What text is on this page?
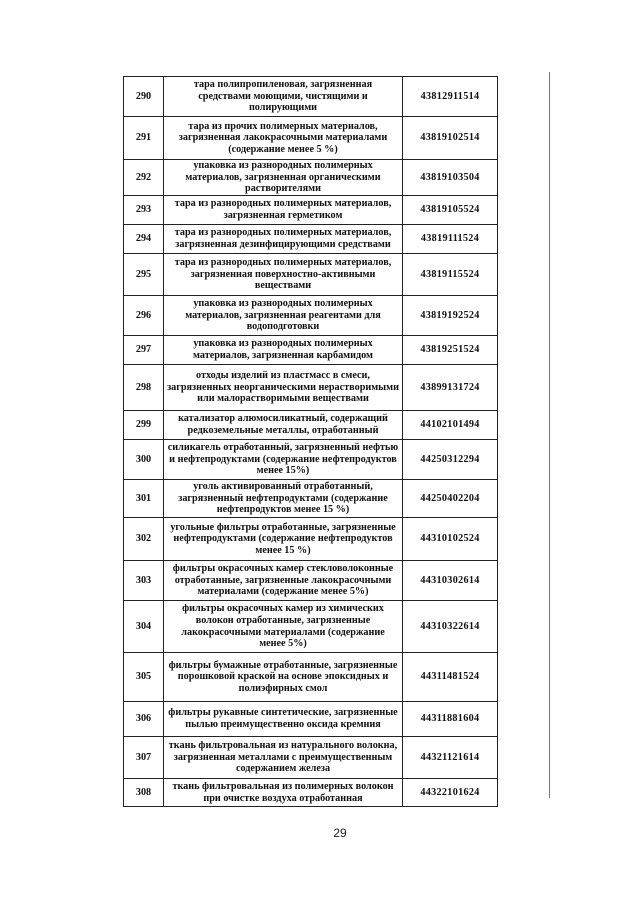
290	тара полипропиленовая, загрязненная средствами моющими, чистящими и полирующими	43812911514
291	тара из прочих полимерных материалов, загрязненная лакокрасочными материалами (содержание менее 5 %)	43819102514
292	упаковка из разнородных полимерных материалов, загрязненная органическими растворителями	43819103504
293	тара из разнородных полимерных материалов, загрязненная герметиком	43819105524
294	тара из разнородных полимерных материалов, загрязненная дезинфицирующими средствами	43819111524
295	тара из разнородных полимерных материалов, загрязненная поверхностно-активными веществами	43819115524
296	упаковка из разнородных полимерных материалов, загрязненная реагентами для водоподготовки	43819192524
297	упаковка из разнородных полимерных материалов, загрязненная карбамидом	43819251524
298	отходы изделий из пластмасс в смеси, загрязненных неорганическими нерастворимыми или малорастворимыми веществами	43899131724
299	катализатор алюмосиликатный, содержащий редкоземельные металлы, отработанный	44102101494
300	силикагель отработанный, загрязненный нефтью и нефтепродуктами (содержание нефтепродуктов менее 15%)	44250312294
301	уголь активированный отработанный, загрязненный нефтепродуктами (содержание нефтепродуктов менее 15 %)	44250402204
302	угольные фильтры отработанные, загрязненные нефтепродуктами (содержание нефтепродуктов менее 15 %)	44310102524
303	фильтры окрасочных камер стекловолоконные отработанные, загрязненные лакокрасочными материалами (содержание менее 5%)	44310302614
304	фильтры окрасочных камер из химических волокон отработанные, загрязненные лакокрасочными материалами (содержание менее 5%)	44310322614
305	фильтры бумажные отработанные, загрязненные порошковой краской на основе эпоксидных и полиэфирных смол	44311481524
306	фильтры рукавные синтетические, загрязненные пылью преимущественно оксида кремния	44311881604
307	ткань фильтровальная из натурального волокна, загрязненная металлами с преимущественным содержанием железа	44321121614
308	ткань фильтровальная из полимерных волокон при очистке воздуха отработанная	44322101624
29
